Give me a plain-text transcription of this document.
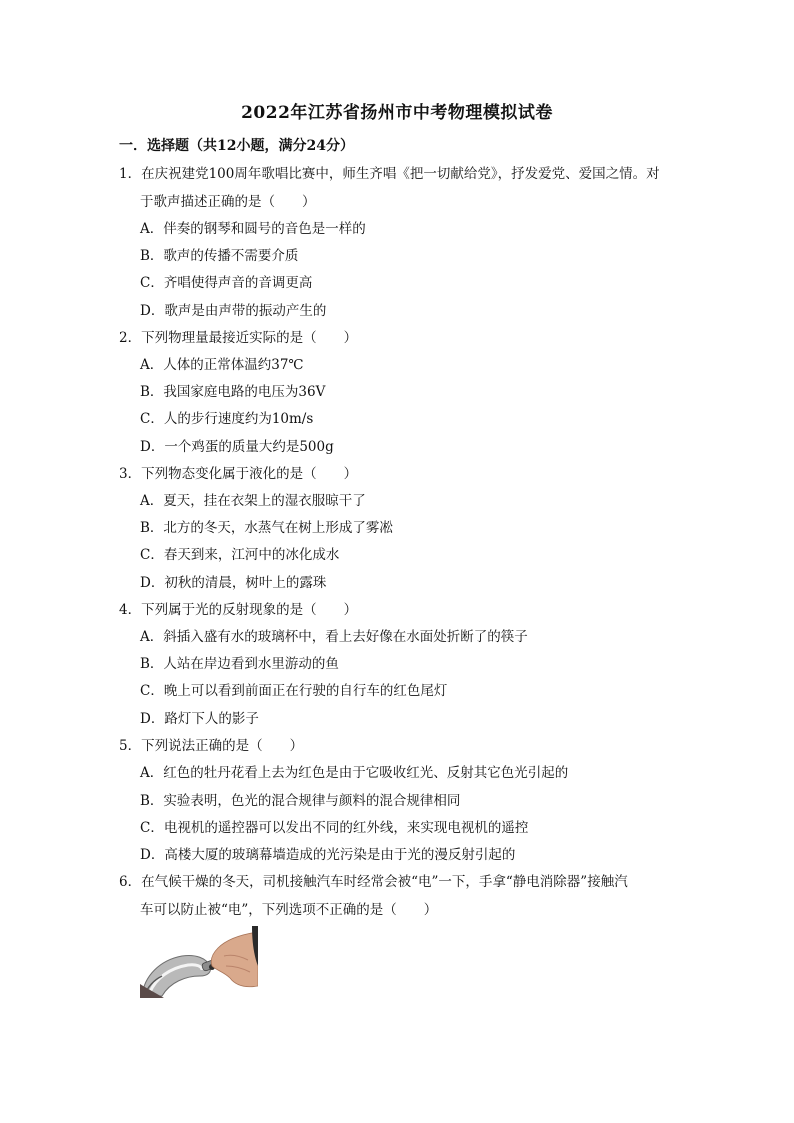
2022年江苏省扬州市中考物理模拟试卷
一．选择题（共12小题，满分24分）
1．在庆祝建党100周年歌唱比赛中，师生齐唱《把一切献给党》，抒发爱党、爱国之情。对
于歌声描述正确的是（　　）
A．伴奏的钢琴和圆号的音色是一样的
B．歌声的传播不需要介质
C．齐唱使得声音的音调更高
D．歌声是由声带的振动产生的
2．下列物理量最接近实际的是（　　）
A．人体的正常体温约37℃
B．我国家庭电路的电压为36V
C．人的步行速度约为10m/s
D．一个鸡蛋的质量大约是500g
3．下列物态变化属于液化的是（　　）
A．夏天，挂在衣架上的湿衣服晾干了
B．北方的冬天，水蒸气在树上形成了雾凇
C．春天到来，江河中的冰化成水
D．初秋的清晨，树叶上的露珠
4．下列属于光的反射现象的是（　　）
A．斜插入盛有水的玻璃杯中，看上去好像在水面处折断了的筷子
B．人站在岸边看到水里游动的鱼
C．晚上可以看到前面正在行驶的自行车的红色尾灯
D．路灯下人的影子
5．下列说法正确的是（　　）
A．红色的牡丹花看上去为红色是由于它吸收红光、反射其它色光引起的
B．实验表明，色光的混合规律与颜料的混合规律相同
C．电视机的遥控器可以发出不同的红外线，来实现电视机的遥控
D．高楼大厦的玻璃幕墙造成的光污染是由于光的漫反射引起的
6．在气候干燥的冬天，司机接触汽车时经常会被“电”一下，手拿“静电消除器”接触汽
车可以防止被“电”，下列选项不正确的是（　　）
